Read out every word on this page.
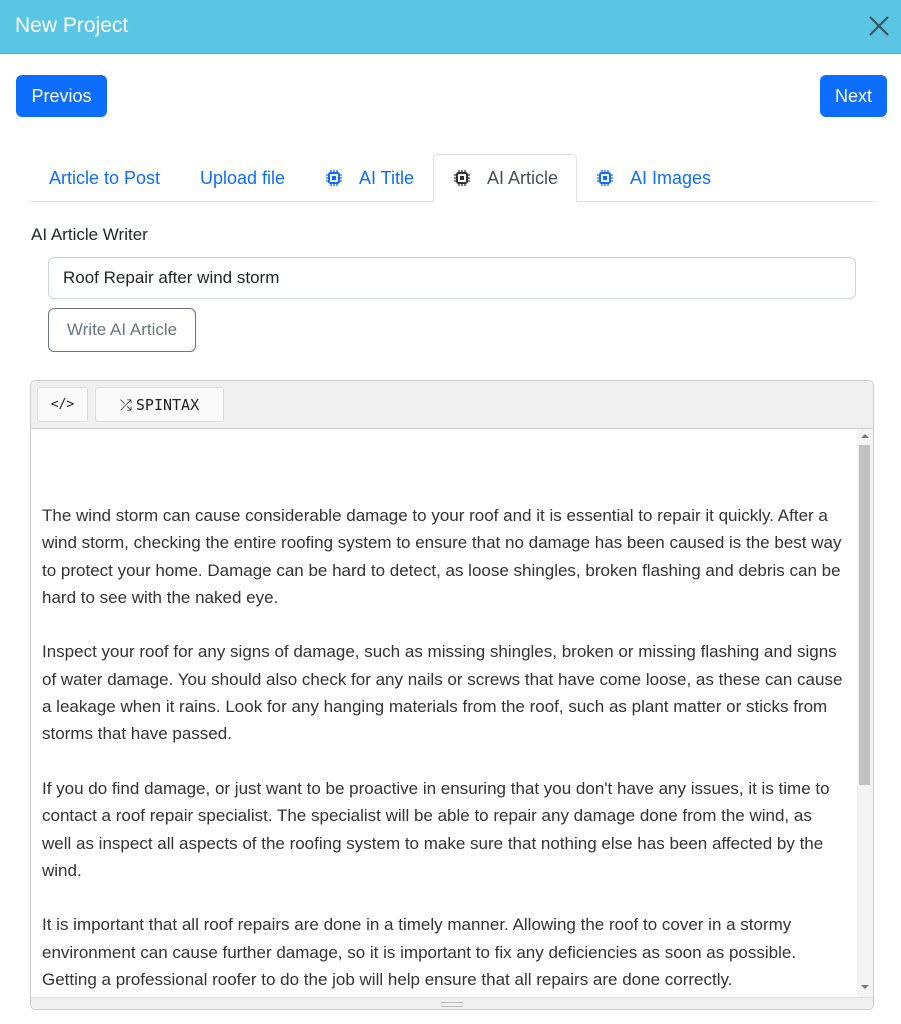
New Project
Previos	Next
Article to Post Upload file	AI Title	AI Article	AI Images
AI Article Writer
Roof Repair after wind storm
Write AI Article
</>	⤮ SPINTAX

The wind storm can cause considerable damage to your roof and it is essential to repair it quickly. After a wind storm, checking the entire roofing system to ensure that no damage has been caused is the best way to protect your home. Damage can be hard to detect, as loose shingles, broken flashing and debris can be hard to see with the naked eye.

Inspect your roof for any signs of damage, such as missing shingles, broken or missing flashing and signs of water damage. You should also check for any nails or screws that have come loose, as these can cause a leakage when it rains. Look for any hanging materials from the roof, such as plant matter or sticks from storms that have passed.

If you do find damage, or just want to be proactive in ensuring that you don't have any issues, it is time to contact a roof repair specialist. The specialist will be able to repair any damage done from the wind, as well as inspect all aspects of the roofing system to make sure that nothing else has been affected by the wind.

It is important that all roof repairs are done in a timely manner. Allowing the roof to cover in a stormy environment can cause further damage, so it is important to fix any deficiencies as soon as possible. Getting a professional roofer to do the job will help ensure that all repairs are done correctly.
